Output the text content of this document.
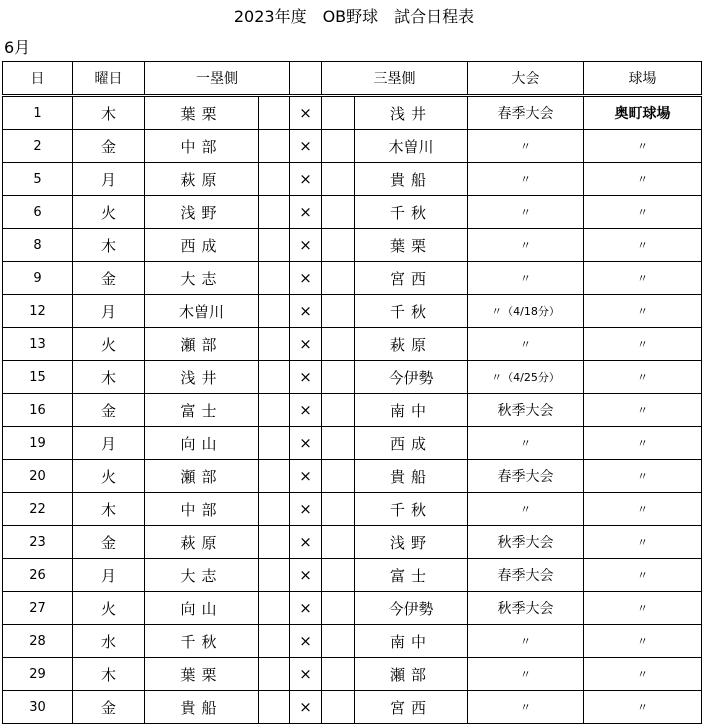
2023年度　OB野球　試合日程表
6月
日	曜日	一塁側			三塁側		大会	球場
1	木	葉栗		×		浅井	春季大会	奥町球場
2	金	中部		×		木曽川	〃	〃
5	月	萩原		×		貴船	〃	〃
6	火	浅野		×		千秋	〃	〃
8	木	西成		×		葉栗	〃	〃
9	金	大志		×		宮西	〃	〃
12	月	木曽川		×		千秋	〃（4/18分）	〃
13	火	瀬部		×		萩原	〃	〃
15	木	浅井		×		今伊勢	〃（4/25分）	〃
16	金	富士		×		南中	秋季大会	〃
19	月	向山		×		西成	〃	〃
20	火	瀬部		×		貴船	春季大会	〃
22	木	中部		×		千秋	〃	〃
23	金	萩原		×		浅野	秋季大会	〃
26	月	大志		×		富士	春季大会	〃
27	火	向山		×		今伊勢	秋季大会	〃
28	水	千秋		×		南中	〃	〃
29	木	葉栗		×		瀬部	〃	〃
30	金	貴船		×		宮西	〃	〃
